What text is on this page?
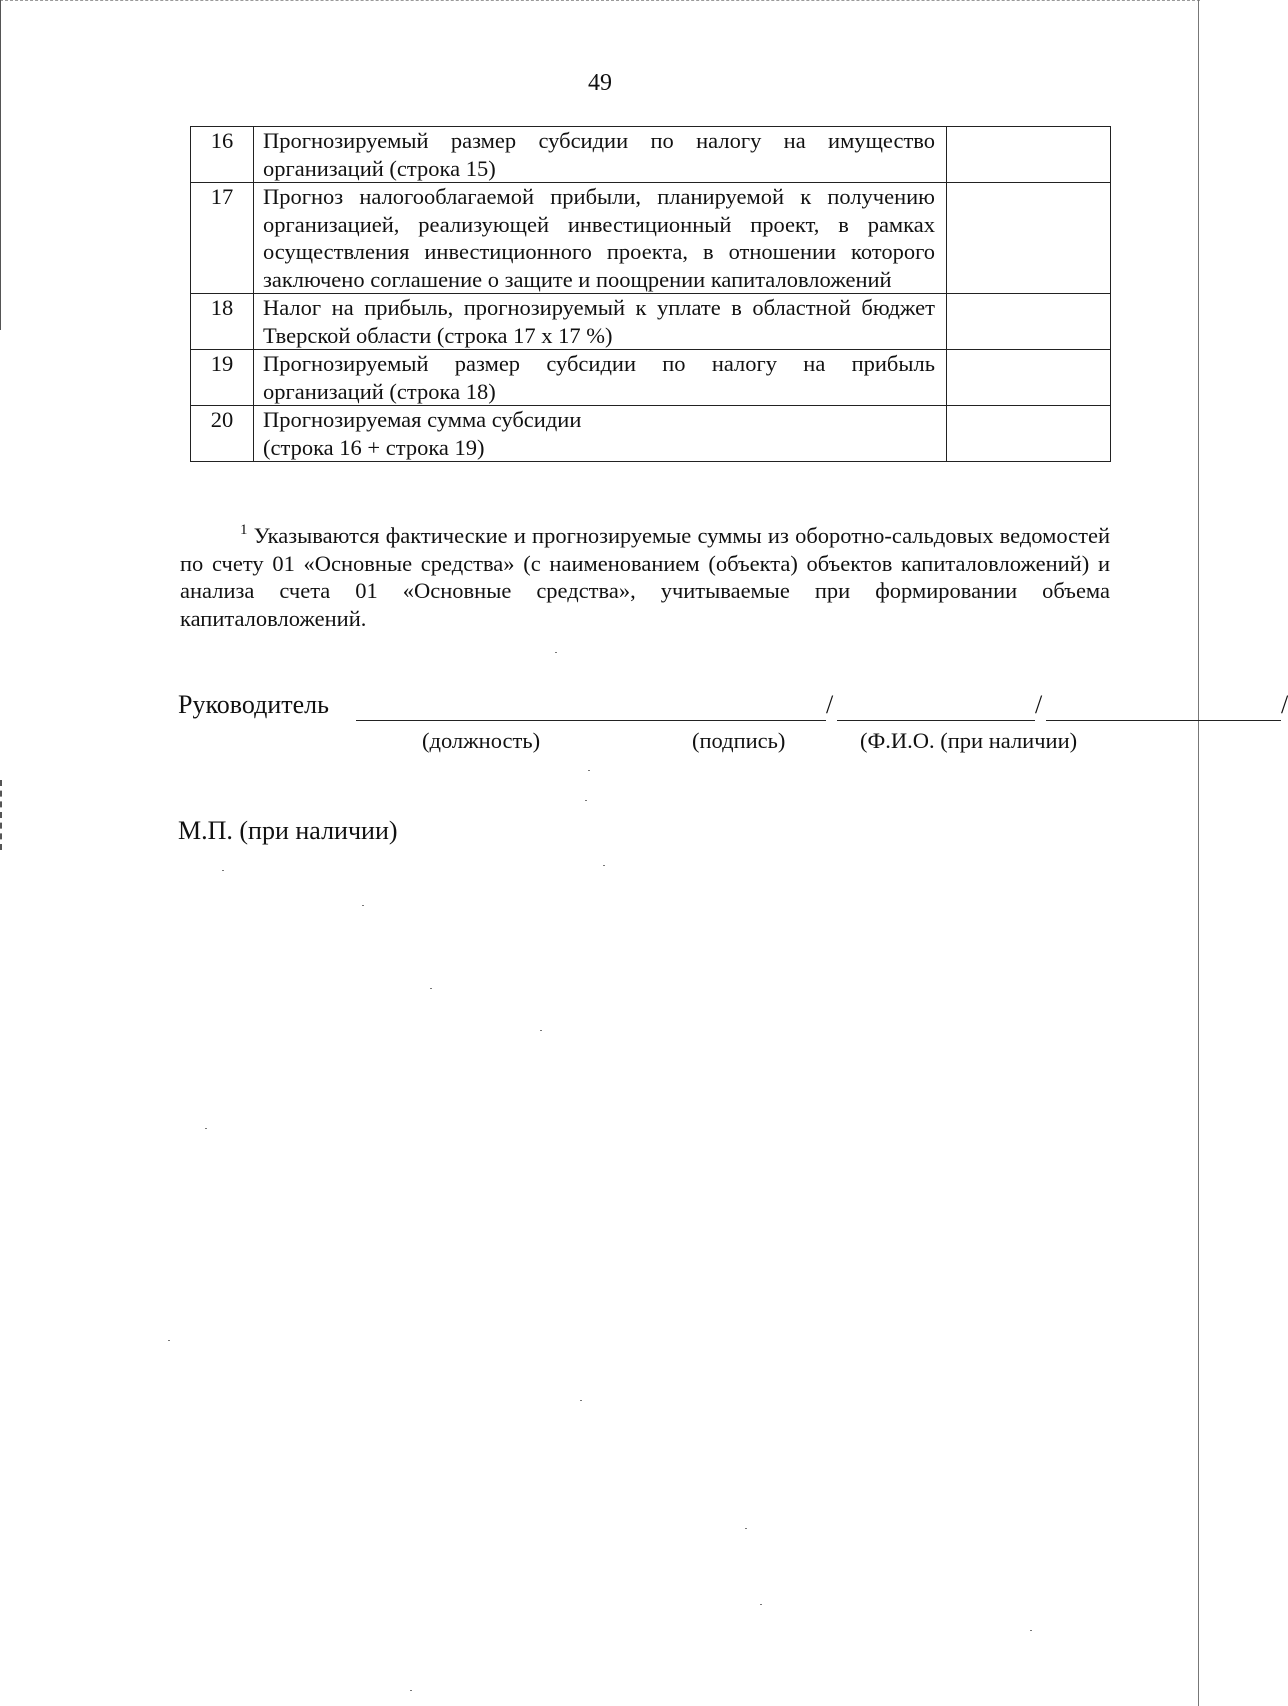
49
16	Прогнозируемый размер субсидии по налогу на имущество организаций (строка 15)	
17	Прогноз налогооблагаемой прибыли, планируемой к получению организацией, реализующей инвестиционный проект, в рамках осуществления инвестиционного проекта, в отношении которого заключено соглашение о защите и поощрении капиталовложений	
18	Налог на прибыль, прогнозируемый к уплате в областной бюджет Тверской области (строка 17 х 17 %)	
19	Прогнозируемый размер субсидии по налогу на прибыль организаций (строка 18)	
20	Прогнозируемая сумма субсидии
(строка 16 + строка 19)	

$^1$ Указываются фактические и прогнозируемые суммы из оборотно-сальдовых ведомостей по счету 01 «Основные средства» (с наименованием (объекта) объектов капиталовложений) и анализа счета 01 «Основные средства», учитываемые при формировании объема капиталовложений.
Руководитель	/	/	/
(должность)	(подпись)	(Ф.И.О. (при наличии)
М.П. (при наличии)
